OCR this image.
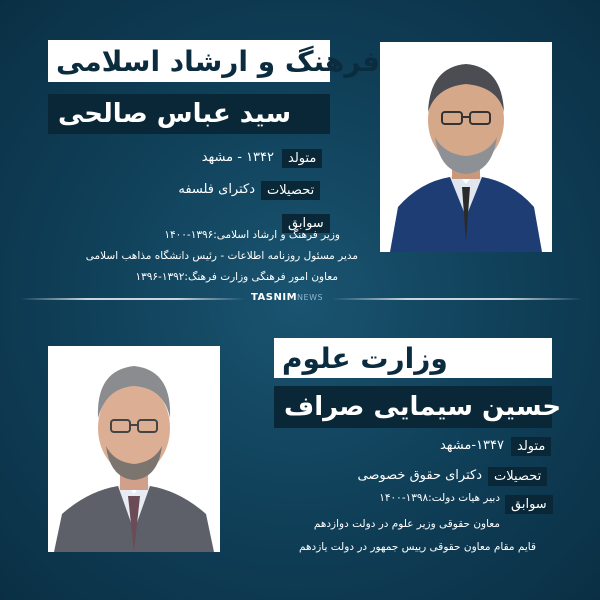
فرهنگ و ارشاد اسلامی
سید عباس صالحی
متولد
۱۳۴۲ - مشهد
تحصیلات
دکترای فلسفه
سوابق
وزیر فرهنگ و ارشاد اسلامی:۱۳۹۶-۱۴۰۰
مدیر مسئول روزنامه اطلاعات - رئیس دانشگاه مذاهب اسلامی
معاون امور فرهنگی وزارت فرهنگ:۱۳۹۲-۱۳۹۶
TASNIMNEWS
وزارت علوم
حسین سیمایی صراف
متولد
۱۳۴۷-مشهد
تحصیلات
دکترای حقوق خصوصی
سوابق
دبیر هیات دولت:۱۳۹۸-۱۴۰۰
معاون حقوقی وزیر علوم در دولت دوازدهم
قایم مقام معاون حقوقی رییس جمهور در دولت یازدهم
